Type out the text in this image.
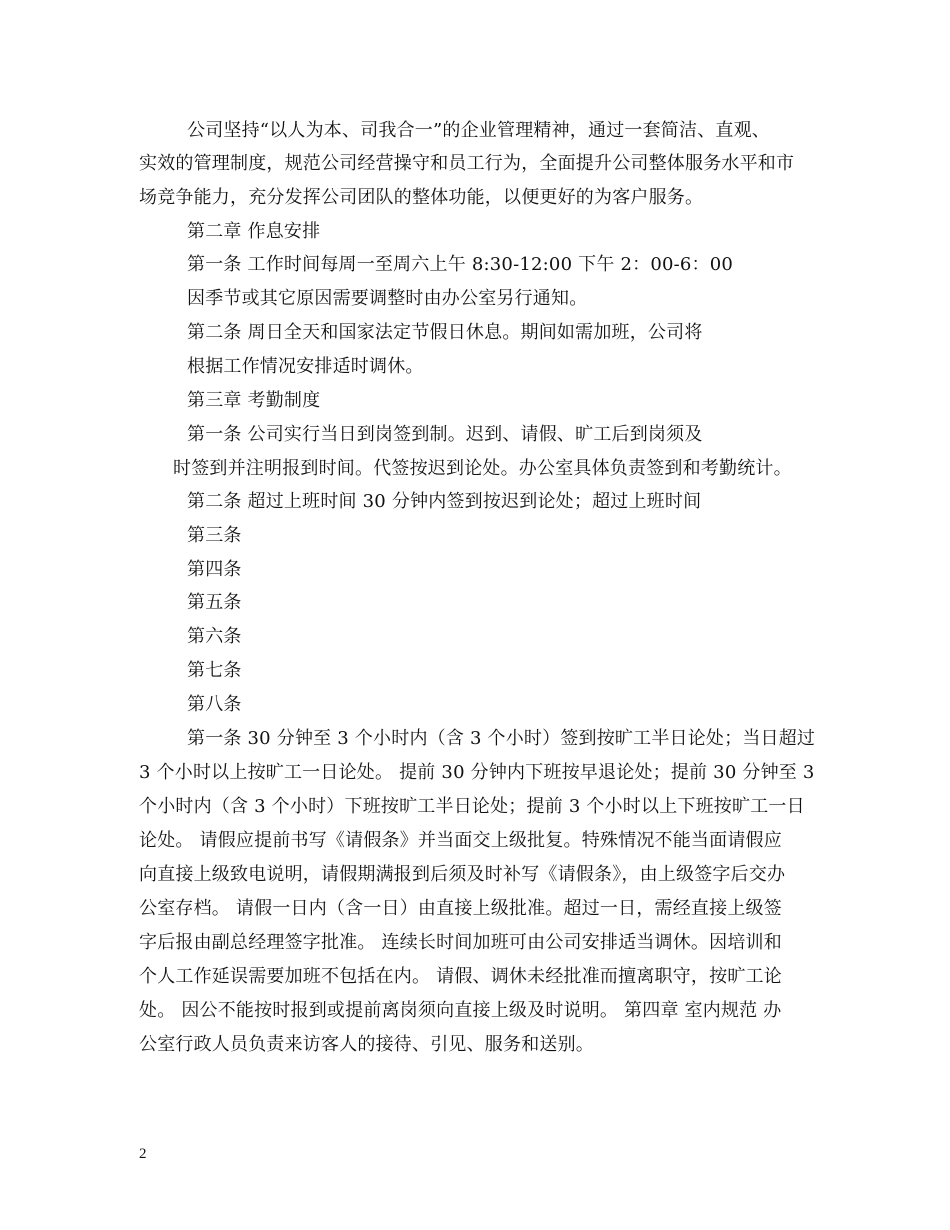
公司坚持“以人为本、司我合一”的企业管理精神，通过一套简洁、直观、
实效的管理制度，规范公司经营操守和员工行为，全面提升公司整体服务水平和市
场竞争能力，充分发挥公司团队的整体功能，以便更好的为客户服务。
第二章 作息安排
第一条 工作时间每周一至周六上午 8:30-12:00 下午 2：00-6：00
因季节或其它原因需要调整时由办公室另行通知。
第二条 周日全天和国家法定节假日休息。期间如需加班，公司将
根据工作情况安排适时调休。
第三章 考勤制度
第一条 公司实行当日到岗签到制。迟到、请假、旷工后到岗须及
时签到并注明报到时间。代签按迟到论处。办公室具体负责签到和考勤统计。
第二条 超过上班时间 30 分钟内签到按迟到论处；超过上班时间
第三条
第四条
第五条
第六条
第七条
第八条
第一条 30 分钟至 3 个小时内（含 3 个小时）签到按旷工半日论处；当日超过
3 个小时以上按旷工一日论处。 提前 30 分钟内下班按早退论处；提前 30 分钟至 3
个小时内（含 3 个小时）下班按旷工半日论处；提前 3 个小时以上下班按旷工一日
论处。 请假应提前书写《请假条》并当面交上级批复。特殊情况不能当面请假应
向直接上级致电说明，请假期满报到后须及时补写《请假条》，由上级签字后交办
公室存档。 请假一日内（含一日）由直接上级批准。超过一日，需经直接上级签
字后报由副总经理签字批准。 连续长时间加班可由公司安排适当调休。因培训和
个人工作延误需要加班不包括在内。 请假、调休未经批准而擅离职守，按旷工论
处。 因公不能按时报到或提前离岗须向直接上级及时说明。 第四章 室内规范 办
公室行政人员负责来访客人的接待、引见、服务和送别。
2
